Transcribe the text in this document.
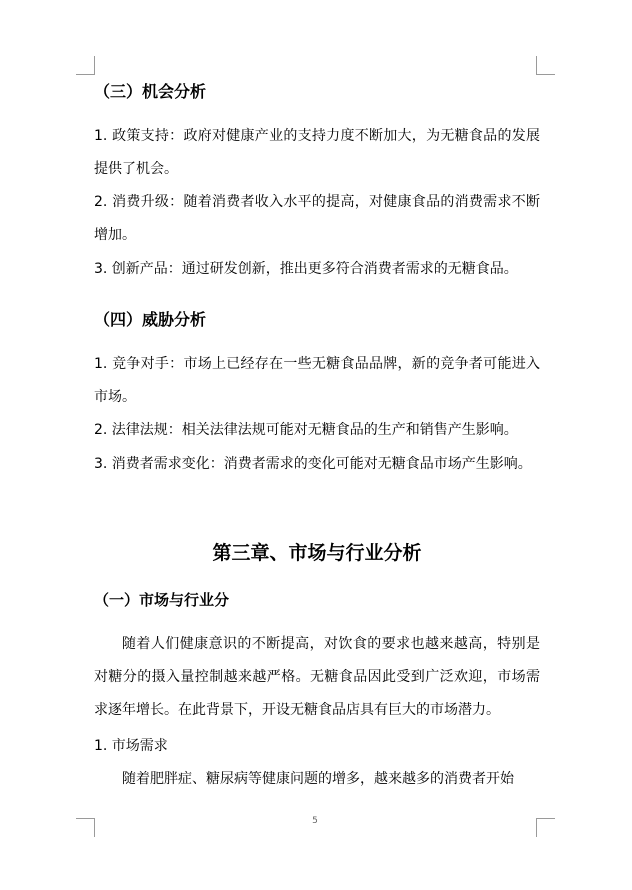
（三）机会分析
1. 政策支持：政府对健康产业的支持力度不断加大，为无糖食品的发展提供了机会。
2. 消费升级：随着消费者收入水平的提高，对健康食品的消费需求不断增加。
3. 创新产品：通过研发创新，推出更多符合消费者需求的无糖食品。
（四）威胁分析
1. 竞争对手：市场上已经存在一些无糖食品品牌，新的竞争者可能进入市场。
2. 法律法规：相关法律法规可能对无糖食品的生产和销售产生影响。
3. 消费者需求变化：消费者需求的变化可能对无糖食品市场产生影响。
第三章、市场与行业分析
（一）市场与行业分
随着人们健康意识的不断提高，对饮食的要求也越来越高，特别是对糖分的摄入量控制越来越严格。无糖食品因此受到广泛欢迎，市场需求逐年增长。在此背景下，开设无糖食品店具有巨大的市场潜力。
1. 市场需求
随着肥胖症、糖尿病等健康问题的增多，越来越多的消费者开始
5
